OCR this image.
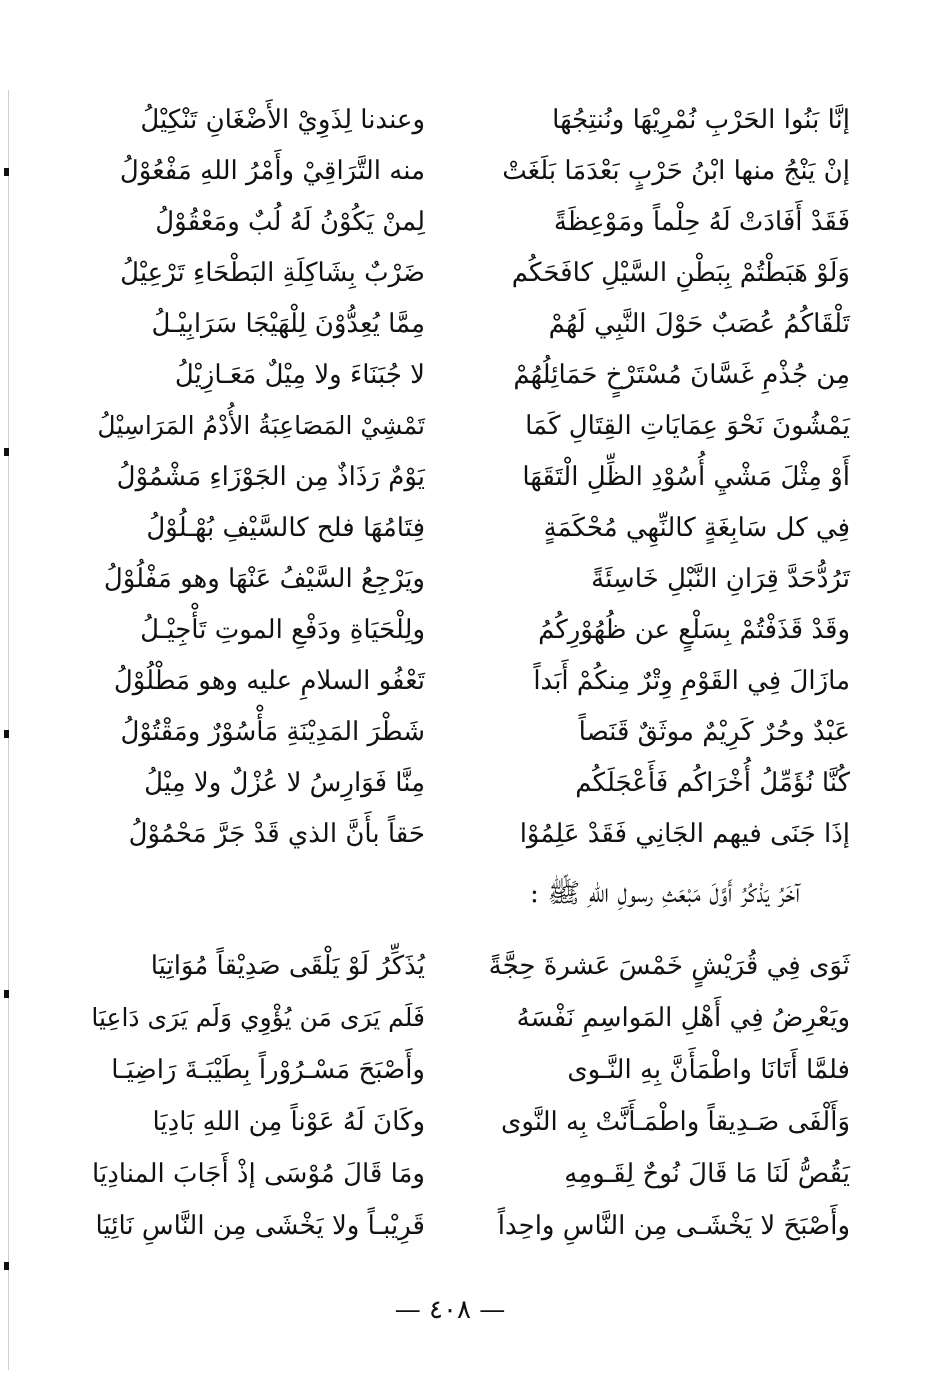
إنَّا بَنُوا الحَرْبِ نُمْرِيْهَا ونُنتِجُهَا
وعندنا لِذَوِيْ الأَضْغَانِ تَنْكِيْلُ
إنْ يَنْجُ منها ابْنُ حَرْبٍ بَعْدَمَا بَلَغَتْ
منه التَّرَاقِيْ وأَمْرُ اللهِ مَفْعُوْلُ
فَقَدْ أَفَادَتْ لَهُ حِلْماً ومَوْعِظَةً
لِمنْ يَكُوْنُ لَهُ لُبٌ ومَعْقُوْلُ
وَلَوْ هَبَطْتُمْ بِبَطْنِ السَّيْلِ كافَحَكُم
ضَرْبٌ بِشَاكِلَةِ البَطْحَاءِ تَرْعِيْلُ
تَلْقَاكُمُ عُصَبٌ حَوْلَ النَّبِي لَهُمْ
مِمَّا يُعِدُّوْنَ لِلْهَيْجَا سَرَابِيْـلُ
مِن جُذْمِ غَسَّانَ مُسْتَرْخٍ حَمَائِلُهُمْ
لا جُبَنَاءَ ولا مِيْلٌ مَعَـازِيْلُ
يَمْشُونَ نَحْوَ عِمَايَاتِ القِتَالِ كَمَا
تَمْشِيْ المَصَاعِبَةُ الأُدْمُ المَرَاسِيْلُ
أَوْ مِثْلَ مَشْيِ أُسُوْدِ الظِّلِ الْتَقَهَا
يَوْمٌ رَذَاذٌ مِن الجَوْزَاءِ مَشْمُوْلُ
فِي كل سَابِغَةٍ كالنِّهِي مُحْكَمَةٍ
فِتَامُهَا فلح كالسَّيْفِ بُهْـلُوْلُ
تَرُدُّحَدَّ قِرَانِ النَّبْلِ خَاسِئَةً
ويَرْجِعُ السَّيْفُ عَنْهَا وهو مَفْلُوْلُ
وقَدْ قَذَفْتُمْ بِسَلْعٍ عن ظُهُوْرِكُمُ
ولِلْحَيَاةِ ودَفْعِ الموتِ تَأْجِيْـلُ
مازَالَ فِي القَوْمِ وِتْرٌ مِنكُمْ أَبَداً
تَعْفُو السلامِ عليه وهو مَطْلُوْلُ
عَبْدٌ وحُرٌ كَرِيْمٌ موثَقٌ قَنَصاً
شَطْرَ المَدِيْنَةِ مَأْسُوْرٌ ومَقْتُوْلُ
كُنَّا نُؤَمِّلُ أُخْرَاكُم فَأَعْجَلَكُم
مِنَّا فَوَارِسُ لا عُزْلٌ ولا مِيْلُ
إذَا جَنَى فيهم الجَانِي فَقَدْ عَلِمُوْا
حَقاً بأَنَّ الذي قَدْ جَرَّ مَحْمُوْلُ
آخَرُ يَذْكُرُ أَوَّلَ مَبْعَثِ رسولِ اللهِ ﷺ :
ثَوَى فِي قُرَيْشٍ خَمْسَ عَشرةَ حِجَّةً
يُذَكِّرُ لَوْ يَلْقَى صَدِيْقاً مُوَاتِيَا
ويَعْرِضُ فِي أَهْلِ المَواسِمِ نَفْسَهُ
فَلَم يَرَى مَن يُؤْوِي وَلَم يَرَى دَاعِيَا
فلمَّا أَتَانَا واطْمَأَنَّ بِهِ النَّـوى
وأَصْبَحَ مَسْـرُوْراً بِطَيْبَـةَ رَاضِيَـا
وَأَلْفَى صَـدِيقاً واطْمَـأَنَّتْ بِه النَّوى
وكَانَ لَهُ عَوْناً مِن اللهِ بَادِيَا
يَقُصُّ لَنَا مَا قَالَ نُوحٌ لِقَـومِهِ
ومَا قَالَ مُوْسَى إذْ أَجَابَ المنادِيَا
وأَصْبَحَ لا يَخْشَـى مِن النَّاسِ واحِداً
قَرِيْبـاً ولا يَخْشَى مِن النَّاسِ نَائِيَا
— ٤٠٨ —
